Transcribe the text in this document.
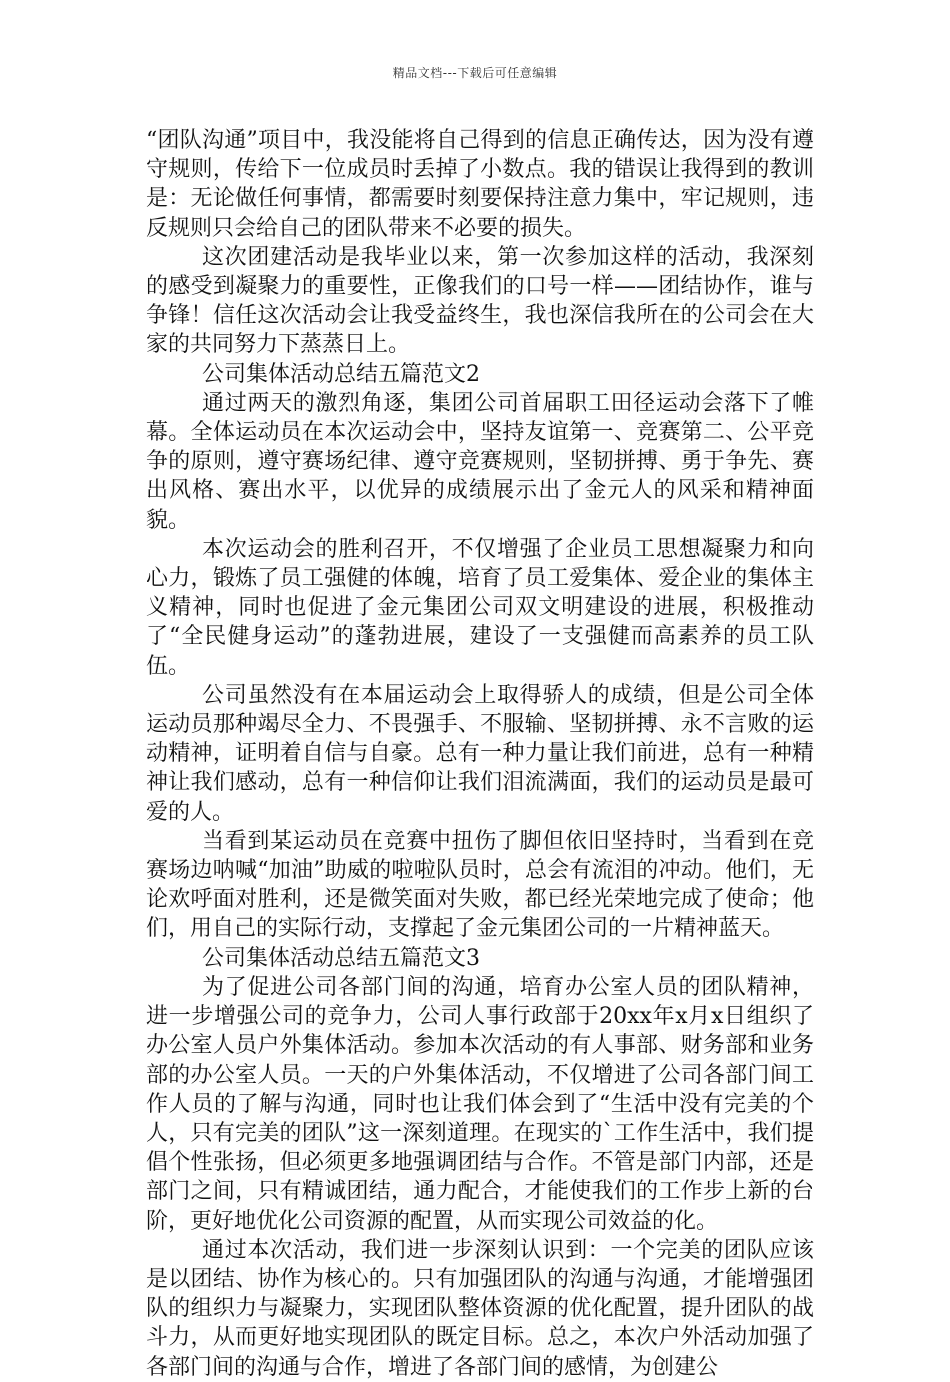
精品文档---下载后可任意编辑

“团队沟通”项目中，我没能将自己得到的信息正确传达，因为没有遵守规则，传给下一位成员时丢掉了小数点。我的错误让我得到的教训是：无论做任何事情，都需要时刻要保持注意力集中，牢记规则，违反规则只会给自己的团队带来不必要的损失。

这次团建活动是我毕业以来，第一次参加这样的活动，我深刻的感受到凝聚力的重要性，正像我们的口号一样——团结协作，谁与争锋！信任这次活动会让我受益终生，我也深信我所在的公司会在大家的共同努力下蒸蒸日上。

公司集体活动总结五篇范文2

通过两天的激烈角逐，集团公司首届职工田径运动会落下了帷幕。全体运动员在本次运动会中，坚持友谊第一、竞赛第二、公平竞争的原则，遵守赛场纪律、遵守竞赛规则，坚韧拼搏、勇于争先、赛出风格、赛出水平，以优异的成绩展示出了金元人的风采和精神面貌。

本次运动会的胜利召开，不仅增强了企业员工思想凝聚力和向心力，锻炼了员工强健的体魄，培育了员工爱集体、爱企业的集体主义精神，同时也促进了金元集团公司双文明建设的进展，积极推动了“全民健身运动”的蓬勃进展，建设了一支强健而高素养的员工队伍。

公司虽然没有在本届运动会上取得骄人的成绩，但是公司全体运动员那种竭尽全力、不畏强手、不服输、坚韧拼搏、永不言败的运动精神，证明着自信与自豪。总有一种力量让我们前进，总有一种精神让我们感动，总有一种信仰让我们泪流满面，我们的运动员是最可爱的人。

当看到某运动员在竞赛中扭伤了脚但依旧坚持时，当看到在竞赛场边呐喊“加油”助威的啦啦队员时，总会有流泪的冲动。他们，无论欢呼面对胜利，还是微笑面对失败，都已经光荣地完成了使命；他们，用自己的实际行动，支撑起了金元集团公司的一片精神蓝天。

公司集体活动总结五篇范文3

为了促进公司各部门间的沟通，培育办公室人员的团队精神，进一步增强公司的竞争力，公司人事行政部于20xx年x月x日组织了办公室人员户外集体活动。参加本次活动的有人事部、财务部和业务部的办公室人员。一天的户外集体活动，不仅增进了公司各部门间工作人员的了解与沟通，同时也让我们体会到了“生活中没有完美的个人，只有完美的团队”这一深刻道理。在现实的`工作生活中，我们提倡个性张扬，但必须更多地强调团结与合作。不管是部门内部，还是部门之间，只有精诚团结，通力配合，才能使我们的工作步上新的台阶，更好地优化公司资源的配置，从而实现公司效益的化。

通过本次活动，我们进一步深刻认识到：一个完美的团队应该是以团结、协作为核心的。只有加强团队的沟通与沟通，才能增强团队的组织力与凝聚力，实现团队整体资源的优化配置，提升团队的战斗力，从而更好地实现团队的既定目标。总之，本次户外活动加强了各部门间的沟通与合作，增进了各部门间的感情，为创建公
